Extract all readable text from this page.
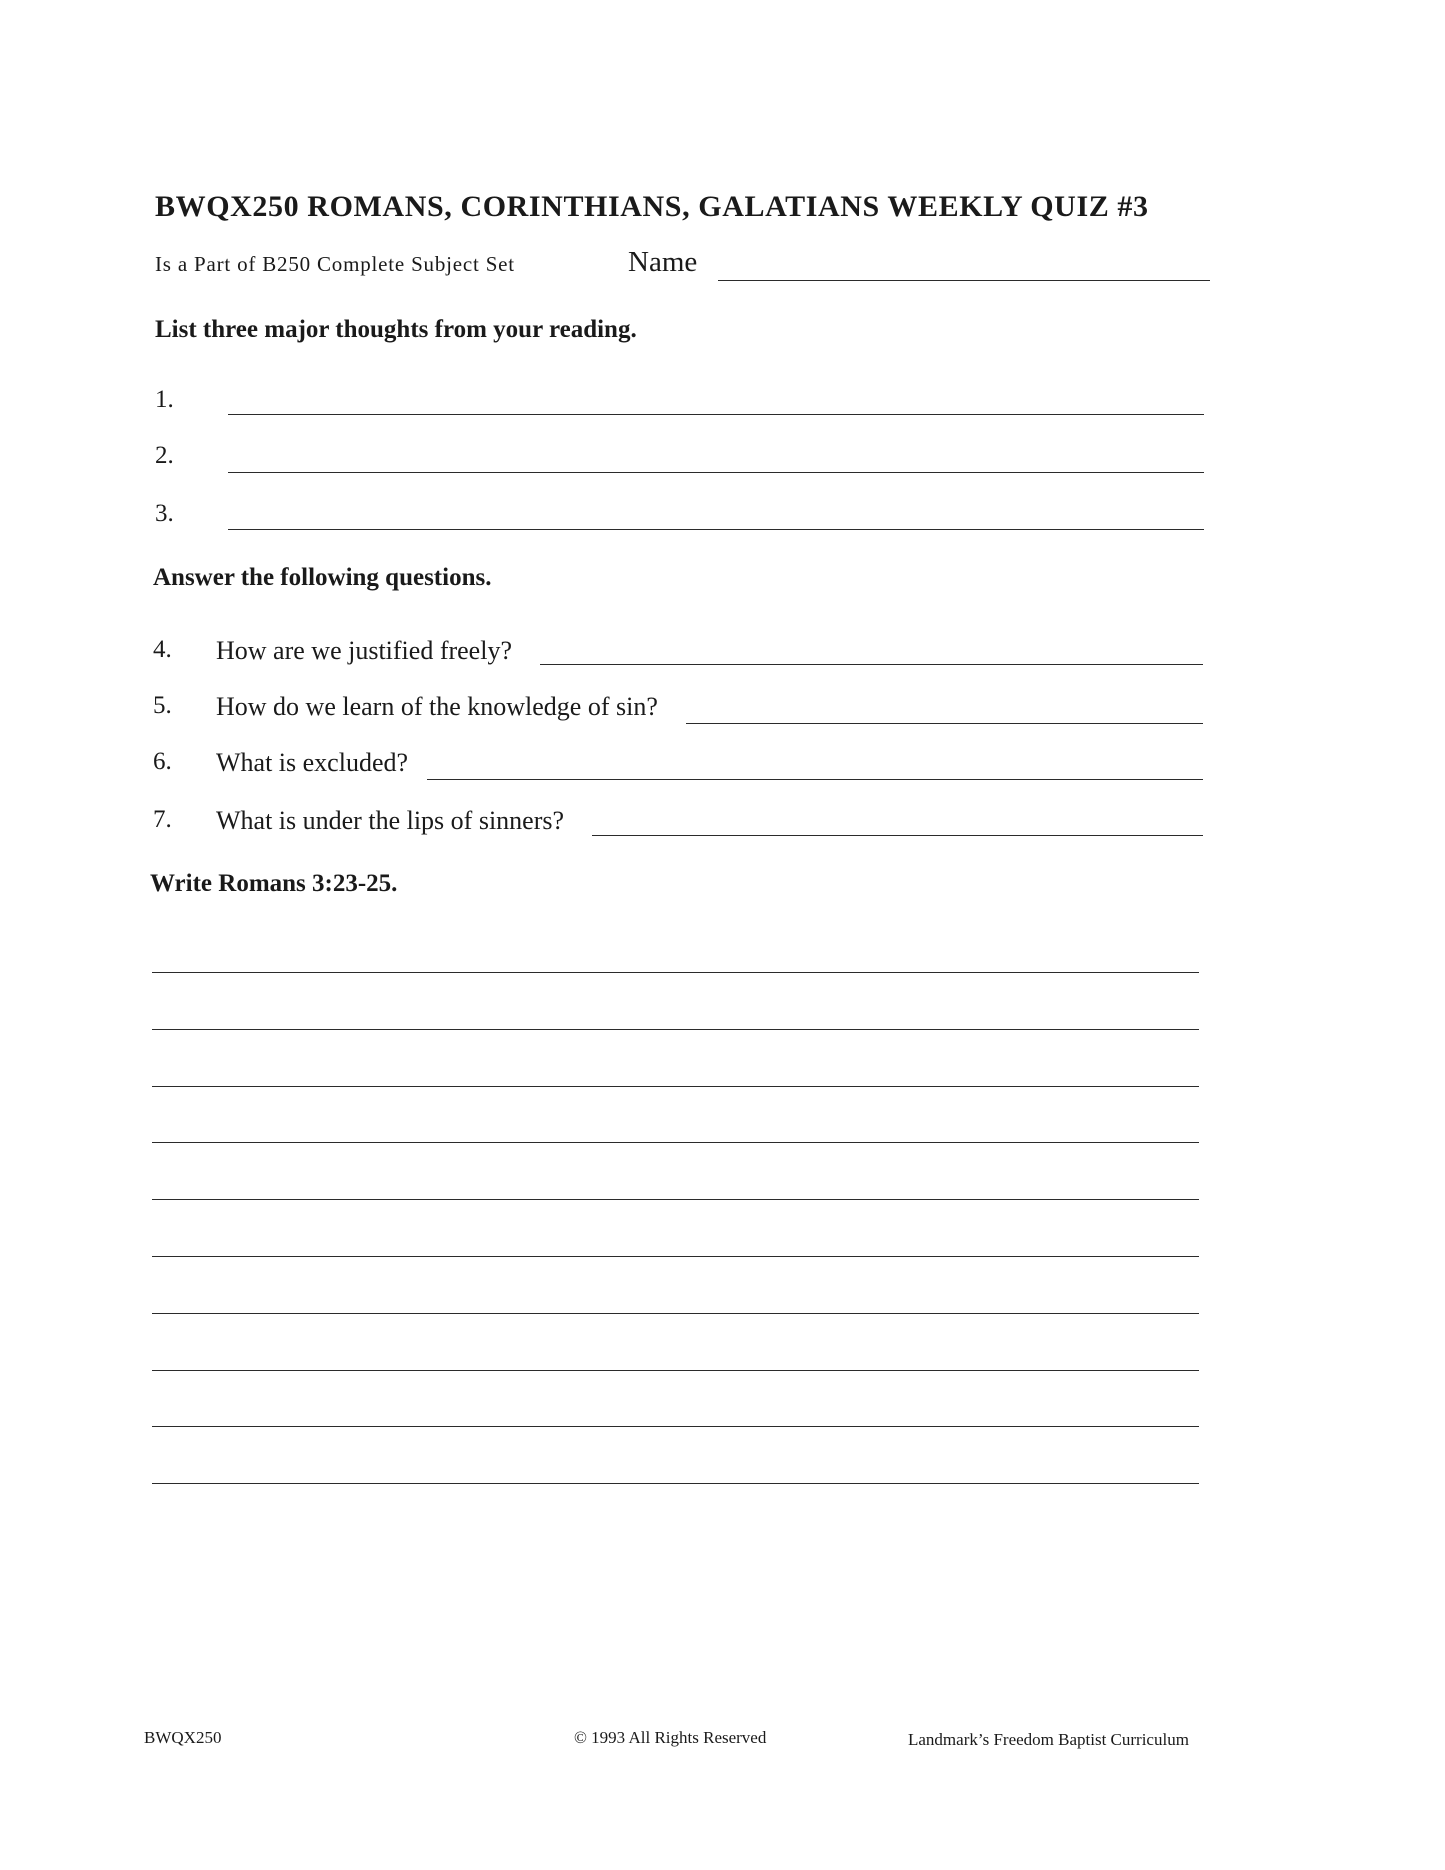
BWQX250 ROMANS, CORINTHIANS, GALATIANS WEEKLY QUIZ #3
Is a Part of B250 Complete Subject Set	Name
List three major thoughts from your reading.
1.
2.
3.
Answer the following questions.
4. How are we justified freely?
5. How do we learn of the knowledge of sin?
6. What is excluded?
7. What is under the lips of sinners?
Write Romans 3:23-25.
BWQX250	© 1993 All Rights Reserved	Landmark’s Freedom Baptist Curriculum
